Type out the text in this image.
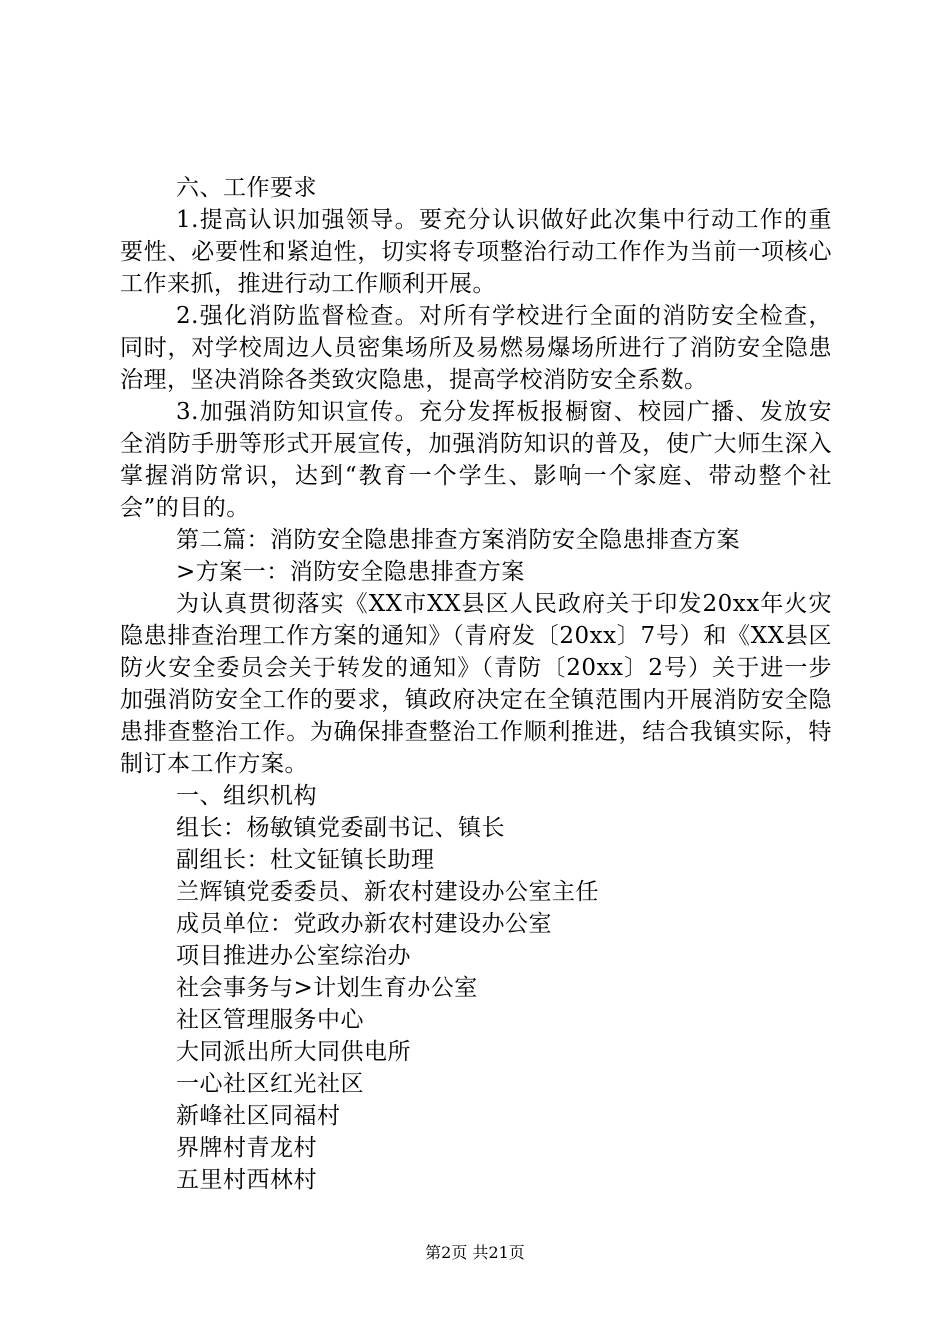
六、工作要求

1.提高认识加强领导。要充分认识做好此次集中行动工作的重要性、必要性和紧迫性，切实将专项整治行动工作作为当前一项核心工作来抓，推进行动工作顺利开展。

2.强化消防监督检查。对所有学校进行全面的消防安全检查，同时，对学校周边人员密集场所及易燃易爆场所进行了消防安全隐患治理，坚决消除各类致灾隐患，提高学校消防安全系数。

3.加强消防知识宣传。充分发挥板报橱窗、校园广播、发放安全消防手册等形式开展宣传，加强消防知识的普及，使广大师生深入掌握消防常识，达到“教育一个学生、影响一个家庭、带动整个社会”的目的。

第二篇：消防安全隐患排查方案消防安全隐患排查方案

>方案一：消防安全隐患排查方案

为认真贯彻落实《XX市XX县区人民政府关于印发20xx年火灾隐患排查治理工作方案的通知》（青府发〔20xx〕7号）和《XX县区防火安全委员会关于转发的通知》（青防〔20xx〕2号）关于进一步加强消防安全工作的要求，镇政府决定在全镇范围内开展消防安全隐患排查整治工作。为确保排查整治工作顺利推进，结合我镇实际，特制订本工作方案。

一、组织机构

组长：杨敏镇党委副书记、镇长

副组长：杜文钲镇长助理

兰辉镇党委委员、新农村建设办公室主任

成员单位：党政办新农村建设办公室

项目推进办公室综治办

社会事务与>计划生育办公室

社区管理服务中心

大同派出所大同供电所

一心社区红光社区

新峰社区同福村

界牌村青龙村

五里村西林村

第2页 共21页
